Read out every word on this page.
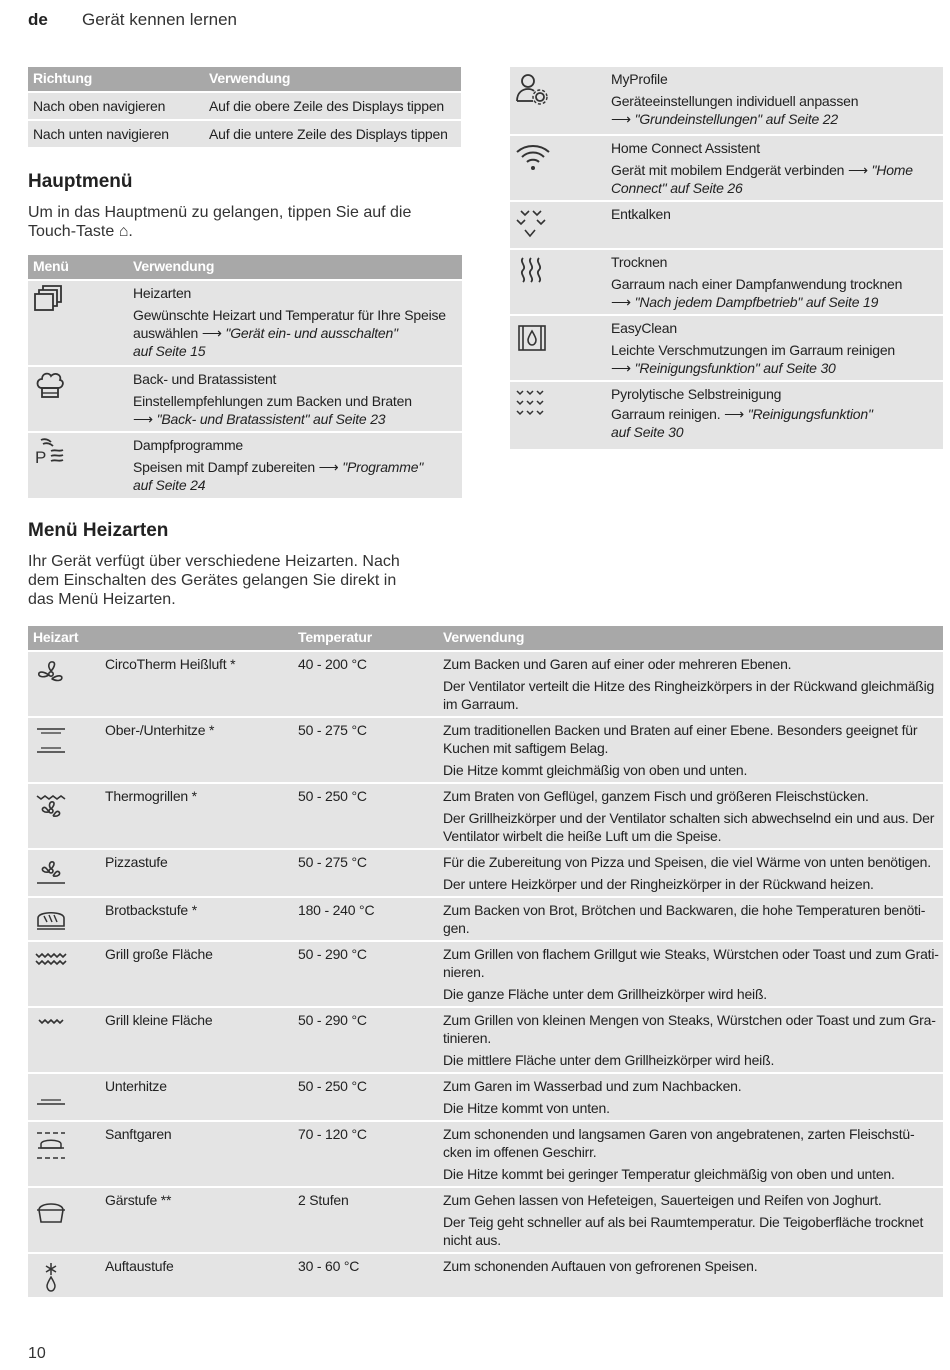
de Gerät kennen lernen
Richtung	Verwendung
Nach oben navigieren	Auf die obere Zeile des Displays tippen
Nach unten navigieren	Auf die untere Zeile des Displays tippen
Hauptmenü
Um in das Hauptmenü zu gelangen, tippen Sie auf die
Touch-Taste ⌂.
Menü	Verwendung

Heizarten
Gewünschte Heizart und Temperatur für Ihre Speise auswählen ⟶ "Gerät ein- und ausschalten"
auf Seite 15

Back- und Bratassistent
Einstellempfehlungen zum Backen und Braten
⟶ "Back- und Bratassistent" auf Seite 23

P	Dampfprogramme
Speisen mit Dampf zubereiten ⟶ "Programme"
auf Seite 24

MyProfile
Geräteeinstellungen individuell anpassen
⟶ "Grundeinstellungen" auf Seite 22

Home Connect Assistent
Gerät mit mobilem Endgerät verbinden ⟶ "Home Connect" auf Seite 26

Entkalken

Trocknen
Garraum nach einer Dampfanwendung trocknen
⟶ "Nach jedem Dampfbetrieb" auf Seite 19

EasyClean
Leichte Verschmutzungen im Garraum reinigen
⟶ "Reinigungsfunktion" auf Seite 30

Pyrolytische Selbstreinigung
Garraum reinigen. ⟶ "Reinigungsfunktion"
auf Seite 30
Menü Heizarten
Ihr Gerät verfügt über verschiedene Heizarten. Nach
dem Einschalten des Gerätes gelangen Sie direkt in
das Menü Heizarten.
Heizart		Temperatur	Verwendung

	CircoTherm Heißluft *	40 - 200 °C	Zum Backen und Garen auf einer oder mehreren Ebenen.
Der Ventilator verteilt die Hitze des Ringheizkörpers in der Rückwand gleichmäßig im Garraum.

	Ober-/Unterhitze *	50 - 275 °C	Zum traditionellen Backen und Braten auf einer Ebene. Besonders geeignet für Kuchen mit saftigem Belag.
Die Hitze kommt gleichmäßig von oben und unten.

	Thermogrillen *	50 - 250 °C	Zum Braten von Geflügel, ganzem Fisch und größeren Fleischstücken.
Der Grillheizkörper und der Ventilator schalten sich abwechselnd ein und aus. Der Ventilator wirbelt die heiße Luft um die Speise.

	Pizzastufe	50 - 275 °C	Für die Zubereitung von Pizza und Speisen, die viel Wärme von unten benötigen.
Der untere Heizkörper und der Ringheizkörper in der Rückwand heizen.

	Brotbackstufe *	180 - 240 °C	Zum Backen von Brot, Brötchen und Backwaren, die hohe Temperaturen benöti-gen.

	Grill große Fläche	50 - 290 °C	Zum Grillen von flachem Grillgut wie Steaks, Würstchen oder Toast und zum Grati-nieren.
Die ganze Fläche unter dem Grillheizkörper wird heiß.

	Grill kleine Fläche	50 - 290 °C	Zum Grillen von kleinen Mengen von Steaks, Würstchen oder Toast und zum Gra-tinieren.
Die mittlere Fläche unter dem Grillheizkörper wird heiß.

	Unterhitze	50 - 250 °C	Zum Garen im Wasserbad und zum Nachbacken.
Die Hitze kommt von unten.

	Sanftgaren	70 - 120 °C	Zum schonenden und langsamen Garen von angebratenen, zarten Fleischstü-cken im offenen Geschirr.
Die Hitze kommt bei geringer Temperatur gleichmäßig von oben und unten.

	Gärstufe **	2 Stufen	Zum Gehen lassen von Hefeteigen, Sauerteigen und Reifen von Joghurt.
Der Teig geht schneller auf als bei Raumtemperatur. Die Teigoberfläche trocknet nicht aus.

	Auftaustufe	30 - 60 °C	Zum schonenden Auftauen von gefrorenen Speisen.
10
